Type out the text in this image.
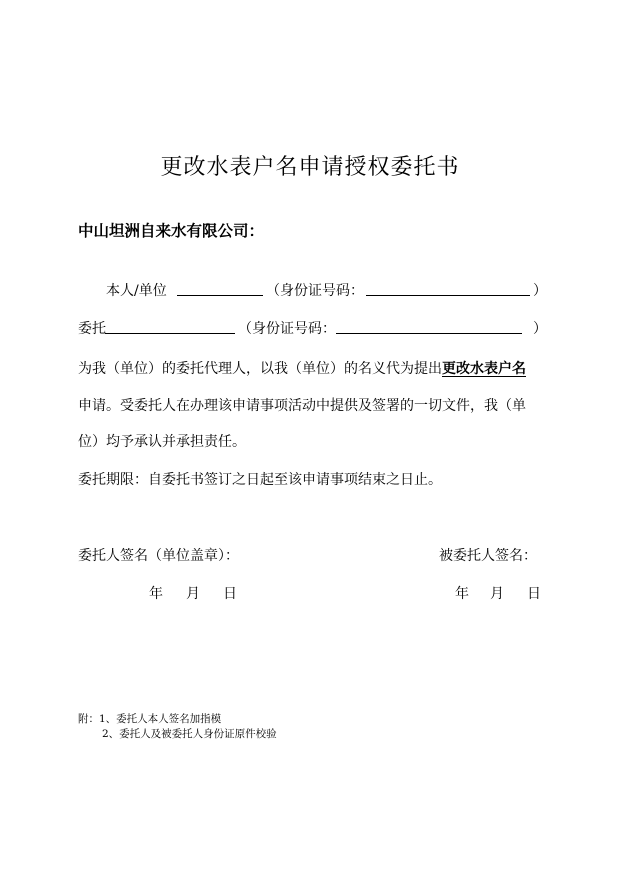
更改水表户名申请授权委托书
中山坦洲自来水有限公司：
本人/单位	（身份证号码：	）
委托	（身份证号码：	）
为我（单位）的委托代理人，以我（单位）的名义代为提出更改水表户名
申请。受委托人在办理该申请事项活动中提供及签署的一切文件，我（单
位）均予承认并承担责任。
委托期限：自委托书签订之日起至该申请事项结束之日止。
委托人签名（单位盖章）：	被委托人签名：
年 月 日	年 月 日
附：1、委托人本人签名加指模
2、委托人及被委托人身份证原件校验
